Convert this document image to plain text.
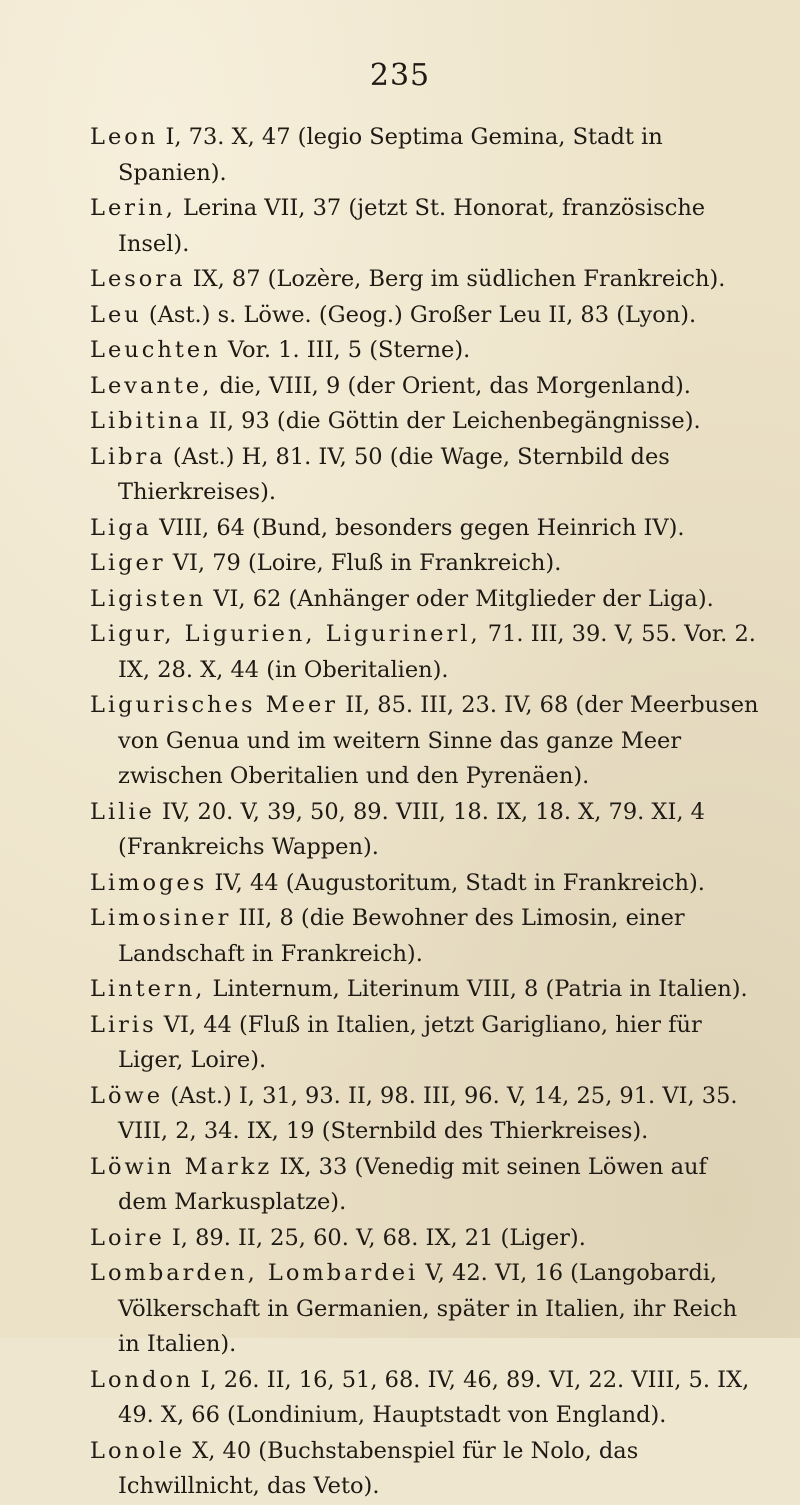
235
Leon I, 73. X, 47 (legio Septima Gemina, Stadt in Spanien).
Lerin, Lerina VII, 37 (jetzt St. Honorat, französische Insel).
Lesora IX, 87 (Lozère, Berg im südlichen Frankreich).
Leu (Ast.) s. Löwe. (Geog.) Großer Leu II, 83 (Lyon).
Leuchten Vor. 1. III, 5 (Sterne).
Levante, die, VIII, 9 (der Orient, das Morgenland).
Libitina II, 93 (die Göttin der Leichenbegängnisse).
Libra (Ast.) H, 81. IV, 50 (die Wage, Sternbild des Thierkreises).
Liga VIII, 64 (Bund, besonders gegen Heinrich IV).
Liger VI, 79 (Loire, Fluß in Frankreich).
Ligisten VI, 62 (Anhänger oder Mitglieder der Liga).
Ligur, Ligurien, Ligurinerl, 71. III, 39. V, 55. Vor. 2. IX, 28. X, 44 (in Oberitalien).
Ligurisches Meer II, 85. III, 23. IV, 68 (der Meerbusen von Genua und im weitern Sinne das ganze Meer zwischen Oberitalien und den Pyrenäen).
Lilie IV, 20. V, 39, 50, 89. VIII, 18. IX, 18. X, 79. XI, 4 (Frankreichs Wappen).
Limoges IV, 44 (Augustoritum, Stadt in Frankreich).
Limosiner III, 8 (die Bewohner des Limosin, einer Landschaft in Frankreich).
Lintern, Linternum, Literinum VIII, 8 (Patria in Italien).
Liris VI, 44 (Fluß in Italien, jetzt Garigliano, hier für Liger, Loire).
Löwe (Ast.) I, 31, 93. II, 98. III, 96. V, 14, 25, 91. VI, 35. VIII, 2, 34. IX, 19 (Sternbild des Thierkreises).
Löwin Markz IX, 33 (Venedig mit seinen Löwen auf dem Markusplatze).
Loire I, 89. II, 25, 60. V, 68. IX, 21 (Liger).
Lombarden, Lombardei V, 42. VI, 16 (Langobardi, Völkerschaft in Germanien, später in Italien, ihr Reich in Italien).
London I, 26. II, 16, 51, 68. IV, 46, 89. VI, 22. VIII, 5. IX, 49. X, 66 (Londinium, Hauptstadt von England).
Lonole X, 40 (Buchstabenspiel für le Nolo, das Ichwillnicht, das Veto).
